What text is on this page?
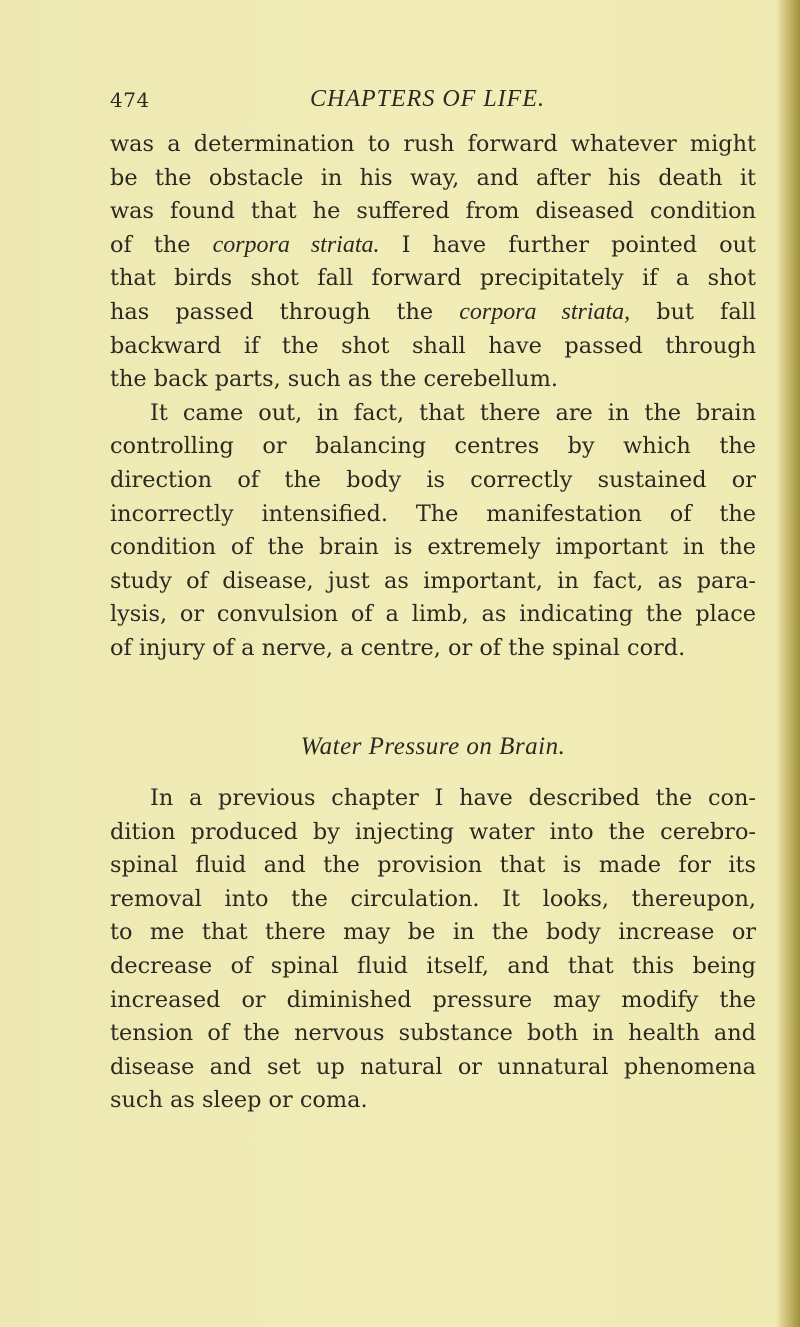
474	CHAPTERS OF LIFE.
was a determination to rush forward whatever might
be the obstacle in his way, and after his death it
was found that he suffered from diseased condition
of the corpora striata. I have further pointed out
that birds shot fall forward precipitately if a shot
has passed through the corpora striata, but fall
backward if the shot shall have passed through
the back parts, such as the cerebellum.
It came out, in fact, that there are in the brain
controlling or balancing centres by which the
direction of the body is correctly sustained or
incorrectly intensified. The manifestation of the
condition of the brain is extremely important in the
study of disease, just as important, in fact, as para-
lysis, or convulsion of a limb, as indicating the place
of injury of a nerve, a centre, or of the spinal cord.
Water Pressure on Brain.
In a previous chapter I have described the con-
dition produced by injecting water into the cerebro-
spinal fluid and the provision that is made for its
removal into the circulation. It looks, thereupon,
to me that there may be in the body increase or
decrease of spinal fluid itself, and that this being
increased or diminished pressure may modify the
tension of the nervous substance both in health and
disease and set up natural or unnatural phenomena
such as sleep or coma.
